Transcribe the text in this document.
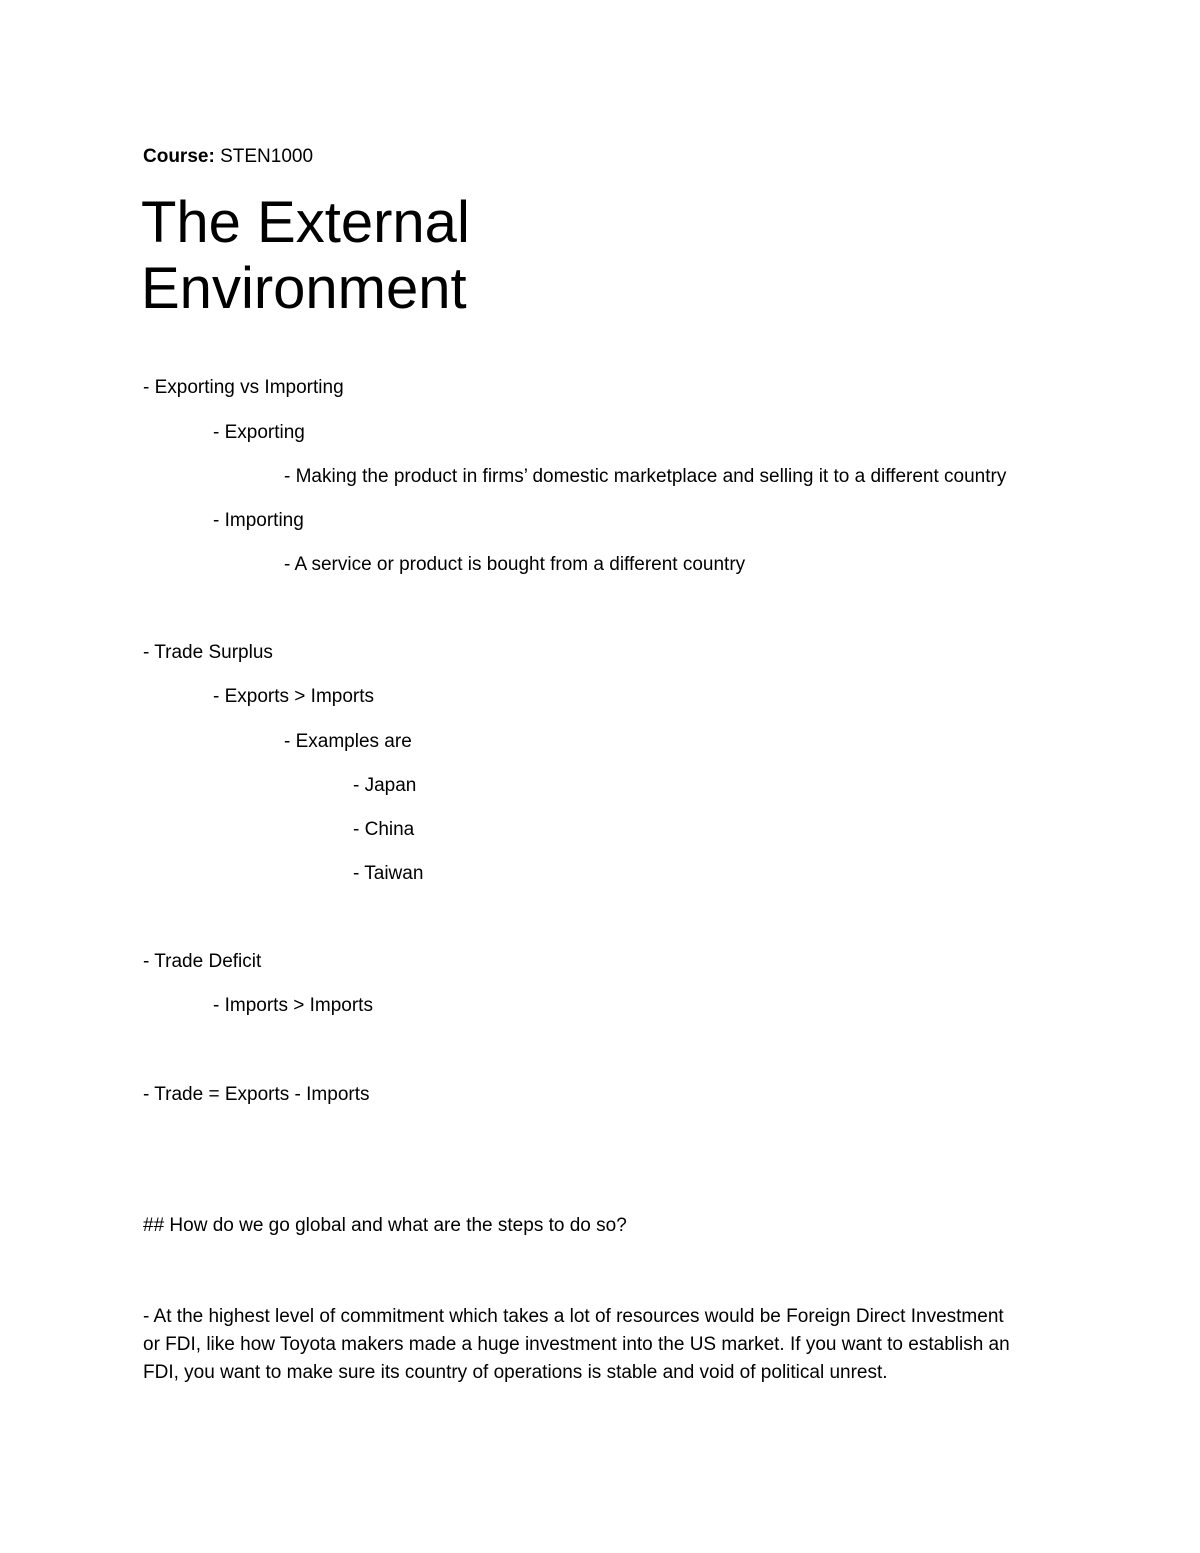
Course: STEN1000
The External
Environment
- Exporting vs Importing
- Exporting
- Making the product in firms’ domestic marketplace and selling it to a different country
- Importing
- A service or product is bought from a different country
- Trade Surplus
- Exports > Imports
- Examples are
- Japan
- China
- Taiwan
- Trade Deficit
- Imports > Imports
- Trade = Exports - Imports
## How do we go global and what are the steps to do so?
- At the highest level of commitment which takes a lot of resources would be Foreign Direct Investment
or FDI, like how Toyota makers made a huge investment into the US market. If you want to establish an
FDI, you want to make sure its country of operations is stable and void of political unrest.
